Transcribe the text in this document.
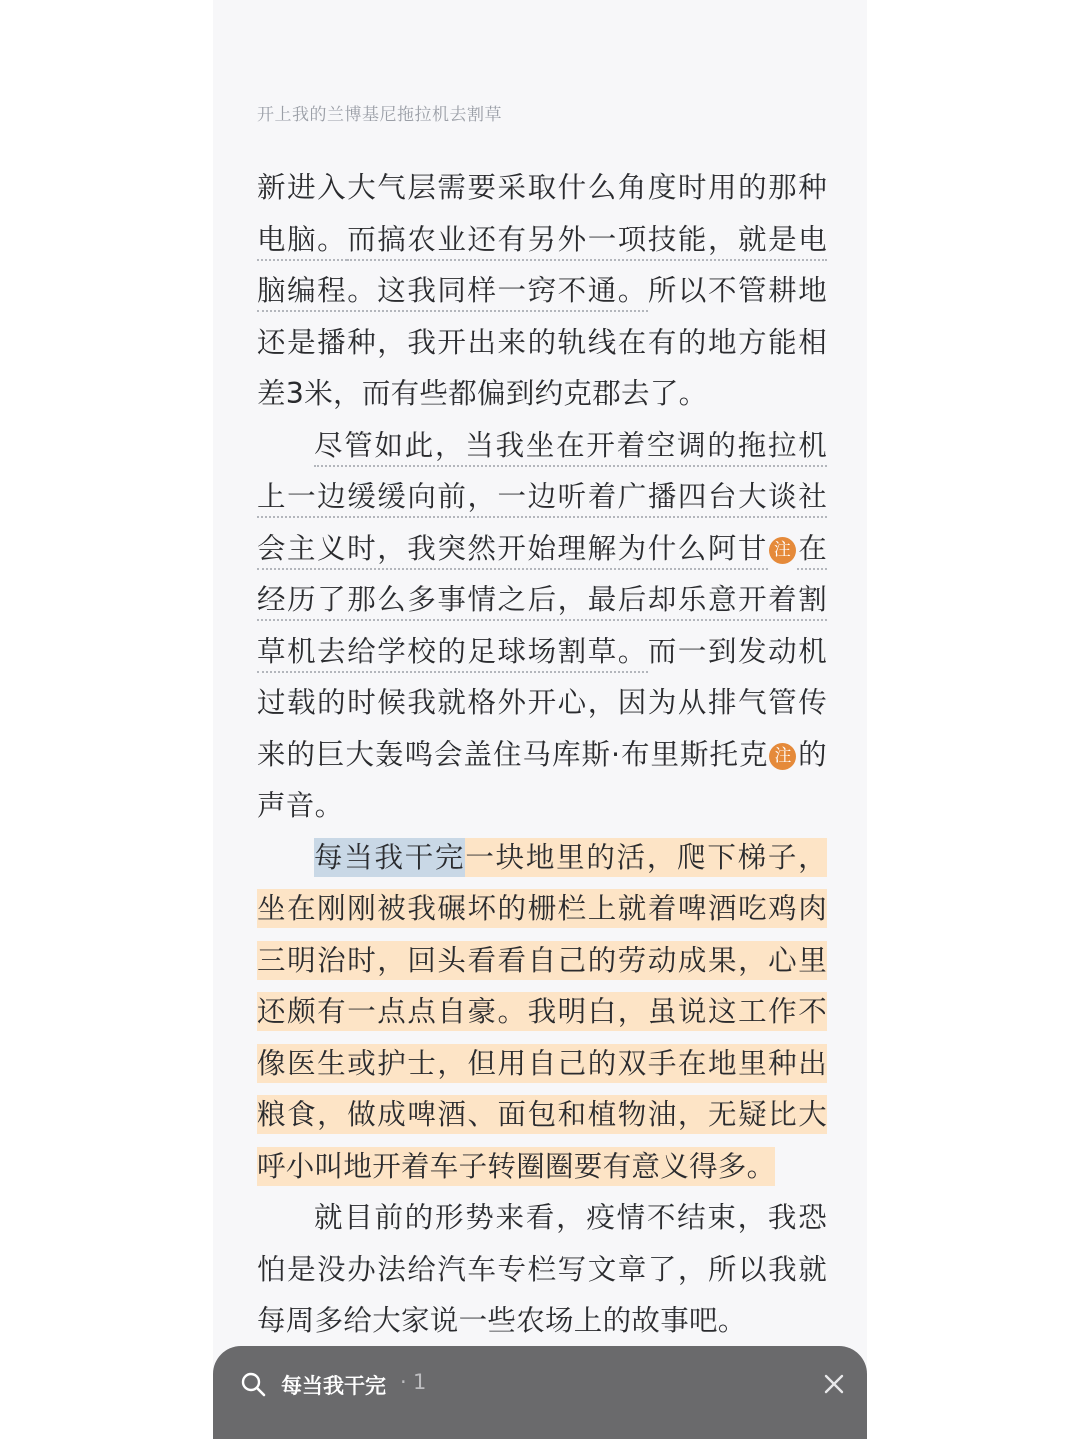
开上我的兰博基尼拖拉机去割草

新进入大气层需要采取什么角度时用的那种电脑。而搞农业还有另外一项技能，就是电脑编程。这我同样一窍不通。所以不管耕地还是播种，我开出来的轨线在有的地方能相差3米，而有些都偏到约克郡去了。

尽管如此，当我坐在开着空调的拖拉机上一边缓缓向前，一边听着广播四台大谈社会主义时，我突然开始理解为什么阿甘 注 在经历了那么多事情之后，最后却乐意开着割草机去给学校的足球场割草。而一到发动机过载的时候我就格外开心，因为从排气管传来的巨大轰鸣会盖住马库斯·布里斯托克 注 的声音。

每当我干完一块地里的活，爬下梯子，坐在刚刚被我碾坏的栅栏上就着啤酒吃鸡肉三明治时，回头看看自己的劳动成果，心里还颇有一点点自豪。我明白，虽说这工作不像医生或护士，但用自己的双手在地里种出粮食，做成啤酒、面包和植物油，无疑比大呼小叫地开着车子转圈圈要有意义得多。

就目前的形势来看，疫情不结束，我恐怕是没办法给汽车专栏写文章了，所以我就每周多给大家说一些农场上的故事吧。

每当我干完 · 1
